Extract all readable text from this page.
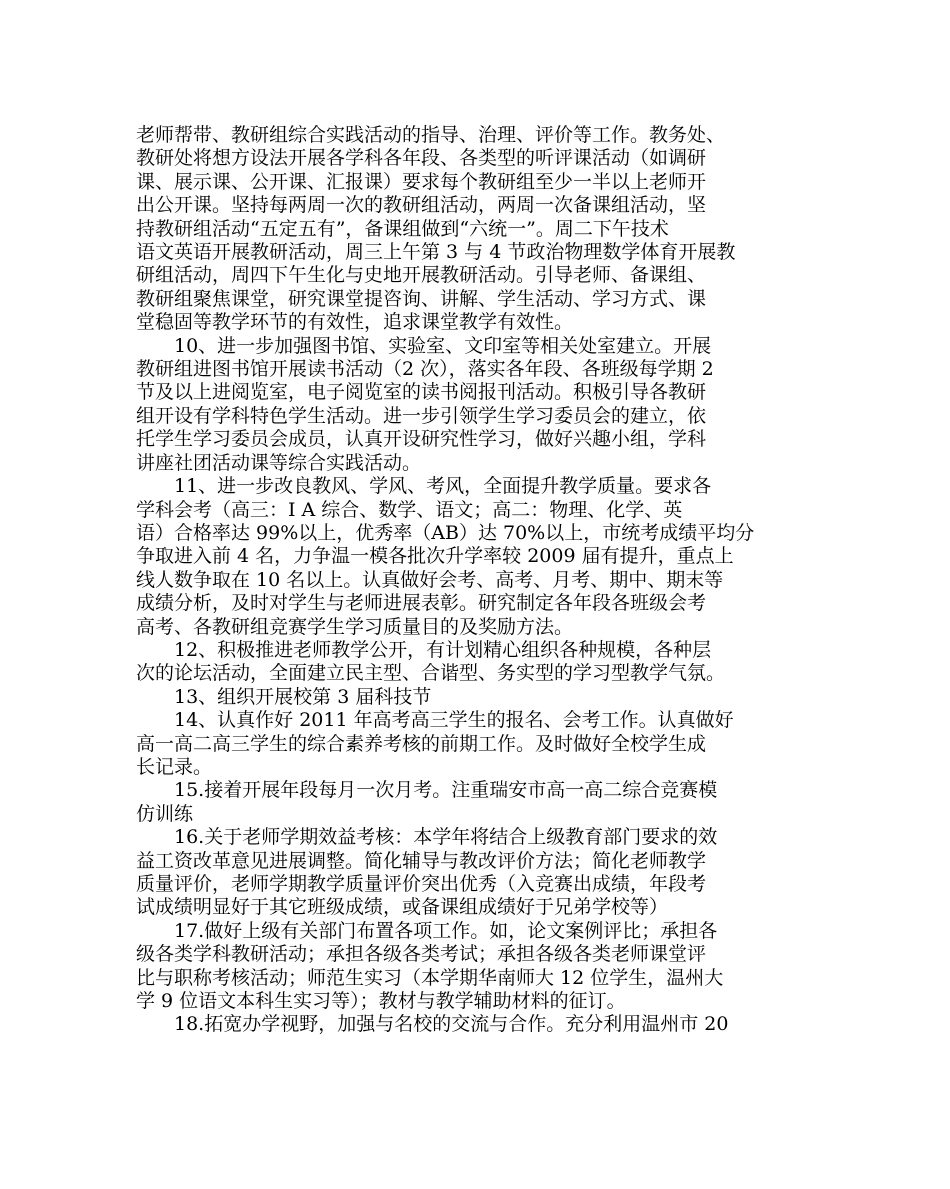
老师帮带、教研组综合实践活动的指导、治理、评价等工作。教务处、
教研处将想方设法开展各学科各年段、各类型的听评课活动（如调研
课、展示课、公开课、汇报课）要求每个教研组至少一半以上老师开
出公开课。坚持每两周一次的教研组活动，两周一次备课组活动，坚
持教研组活动“五定五有”，备课组做到“六统一”。周二下午技术
语文英语开展教研活动，周三上午第 3 与 4 节政治物理数学体育开展教
研组活动，周四下午生化与史地开展教研活动。引导老师、备课组、
教研组聚焦课堂，研究课堂提咨询、讲解、学生活动、学习方式、课
堂稳固等教学环节的有效性，追求课堂教学有效性。
10、进一步加强图书馆、实验室、文印室等相关处室建立。开展
教研组进图书馆开展读书活动（2 次），落实各年段、各班级每学期 2
节及以上进阅览室，电子阅览室的读书阅报刊活动。积极引导各教研
组开设有学科特色学生活动。进一步引领学生学习委员会的建立，依
托学生学习委员会成员，认真开设研究性学习，做好兴趣小组，学科
讲座社团活动课等综合实践活动。
11、进一步改良教风、学风、考风，全面提升教学质量。要求各
学科会考（高三：Ⅰ A 综合、数学、语文；高二：物理、化学、英
语）合格率达 99%以上，优秀率（AB）达 70%以上，市统考成绩平均分
争取进入前 4 名，力争温一模各批次升学率较 2009 届有提升，重点上
线人数争取在 10 名以上。认真做好会考、高考、月考、期中、期末等
成绩分析，及时对学生与老师进展表彰。研究制定各年段各班级会考
高考、各教研组竞赛学生学习质量目的及奖励方法。
12、积极推进老师教学公开，有计划精心组织各种规模，各种层
次的论坛活动，全面建立民主型、合谐型、务实型的学习型教学气氛。
13、组织开展校第 3 届科技节
14、认真作好 2011 年高考高三学生的报名、会考工作。认真做好
高一高二高三学生的综合素养考核的前期工作。及时做好全校学生成
长记录。
15.接着开展年段每月一次月考。注重瑞安市高一高二综合竞赛模
仿训练
16.关于老师学期效益考核：本学年将结合上级教育部门要求的效
益工资改革意见进展调整。简化辅导与教改评价方法；简化老师教学
质量评价，老师学期教学质量评价突出优秀（入竞赛出成绩，年段考
试成绩明显好于其它班级成绩，或备课组成绩好于兄弟学校等）
17.做好上级有关部门布置各项工作。如，论文案例评比；承担各
级各类学科教研活动；承担各级各类考试；承担各级各类老师课堂评
比与职称考核活动；师范生实习（本学期华南师大 12 位学生，温州大
学 9 位语文本科生实习等）；教材与教学辅助材料的征订。
18.拓宽办学视野，加强与名校的交流与合作。充分利用温州市 20
